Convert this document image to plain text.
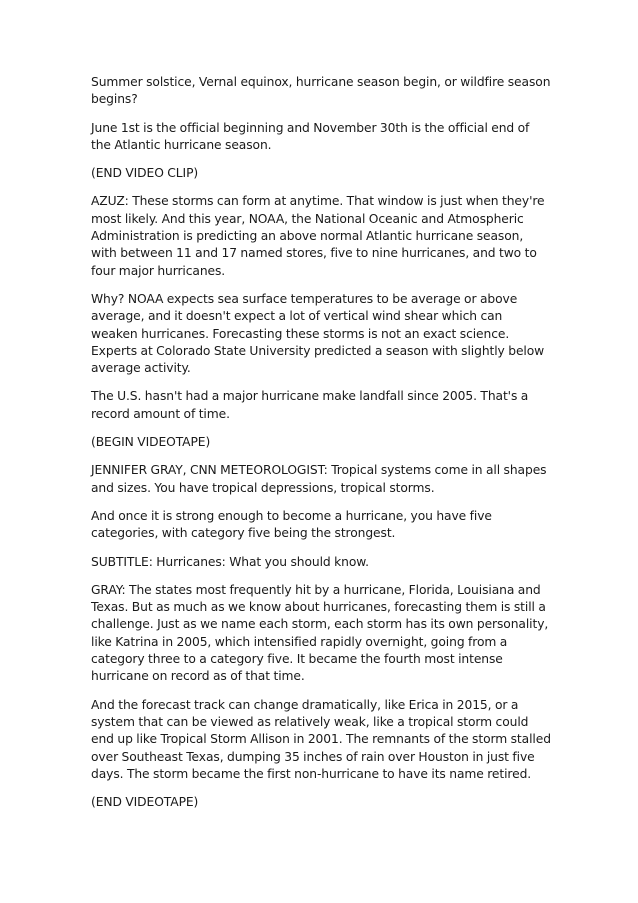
Summer solstice, Vernal equinox, hurricane season begin, or wildfire season begins?

June 1st is the official beginning and November 30th is the official end of the Atlantic hurricane season.

(END VIDEO CLIP)

AZUZ: These storms can form at anytime. That window is just when they're most likely. And this year, NOAA, the National Oceanic and Atmospheric Administration is predicting an above normal Atlantic hurricane season, with between 11 and 17 named stores, five to nine hurricanes, and two to four major hurricanes.

Why? NOAA expects sea surface temperatures to be average or above average, and it doesn't expect a lot of vertical wind shear which can weaken hurricanes. Forecasting these storms is not an exact science. Experts at Colorado State University predicted a season with slightly below average activity.

The U.S. hasn't had a major hurricane make landfall since 2005. That's a record amount of time.

(BEGIN VIDEOTAPE)

JENNIFER GRAY, CNN METEOROLOGIST: Tropical systems come in all shapes and sizes. You have tropical depressions, tropical storms.

And once it is strong enough to become a hurricane, you have five categories, with category five being the strongest.

SUBTITLE: Hurricanes: What you should know.

GRAY: The states most frequently hit by a hurricane, Florida, Louisiana and Texas. But as much as we know about hurricanes, forecasting them is still a challenge. Just as we name each storm, each storm has its own personality, like Katrina in 2005, which intensified rapidly overnight, going from a category three to a category five. It became the fourth most intense hurricane on record as of that time.

And the forecast track can change dramatically, like Erica in 2015, or a system that can be viewed as relatively weak, like a tropical storm could end up like Tropical Storm Allison in 2001. The remnants of the storm stalled over Southeast Texas, dumping 35 inches of rain over Houston in just five days. The storm became the first non-hurricane to have its name retired.

(END VIDEOTAPE)
